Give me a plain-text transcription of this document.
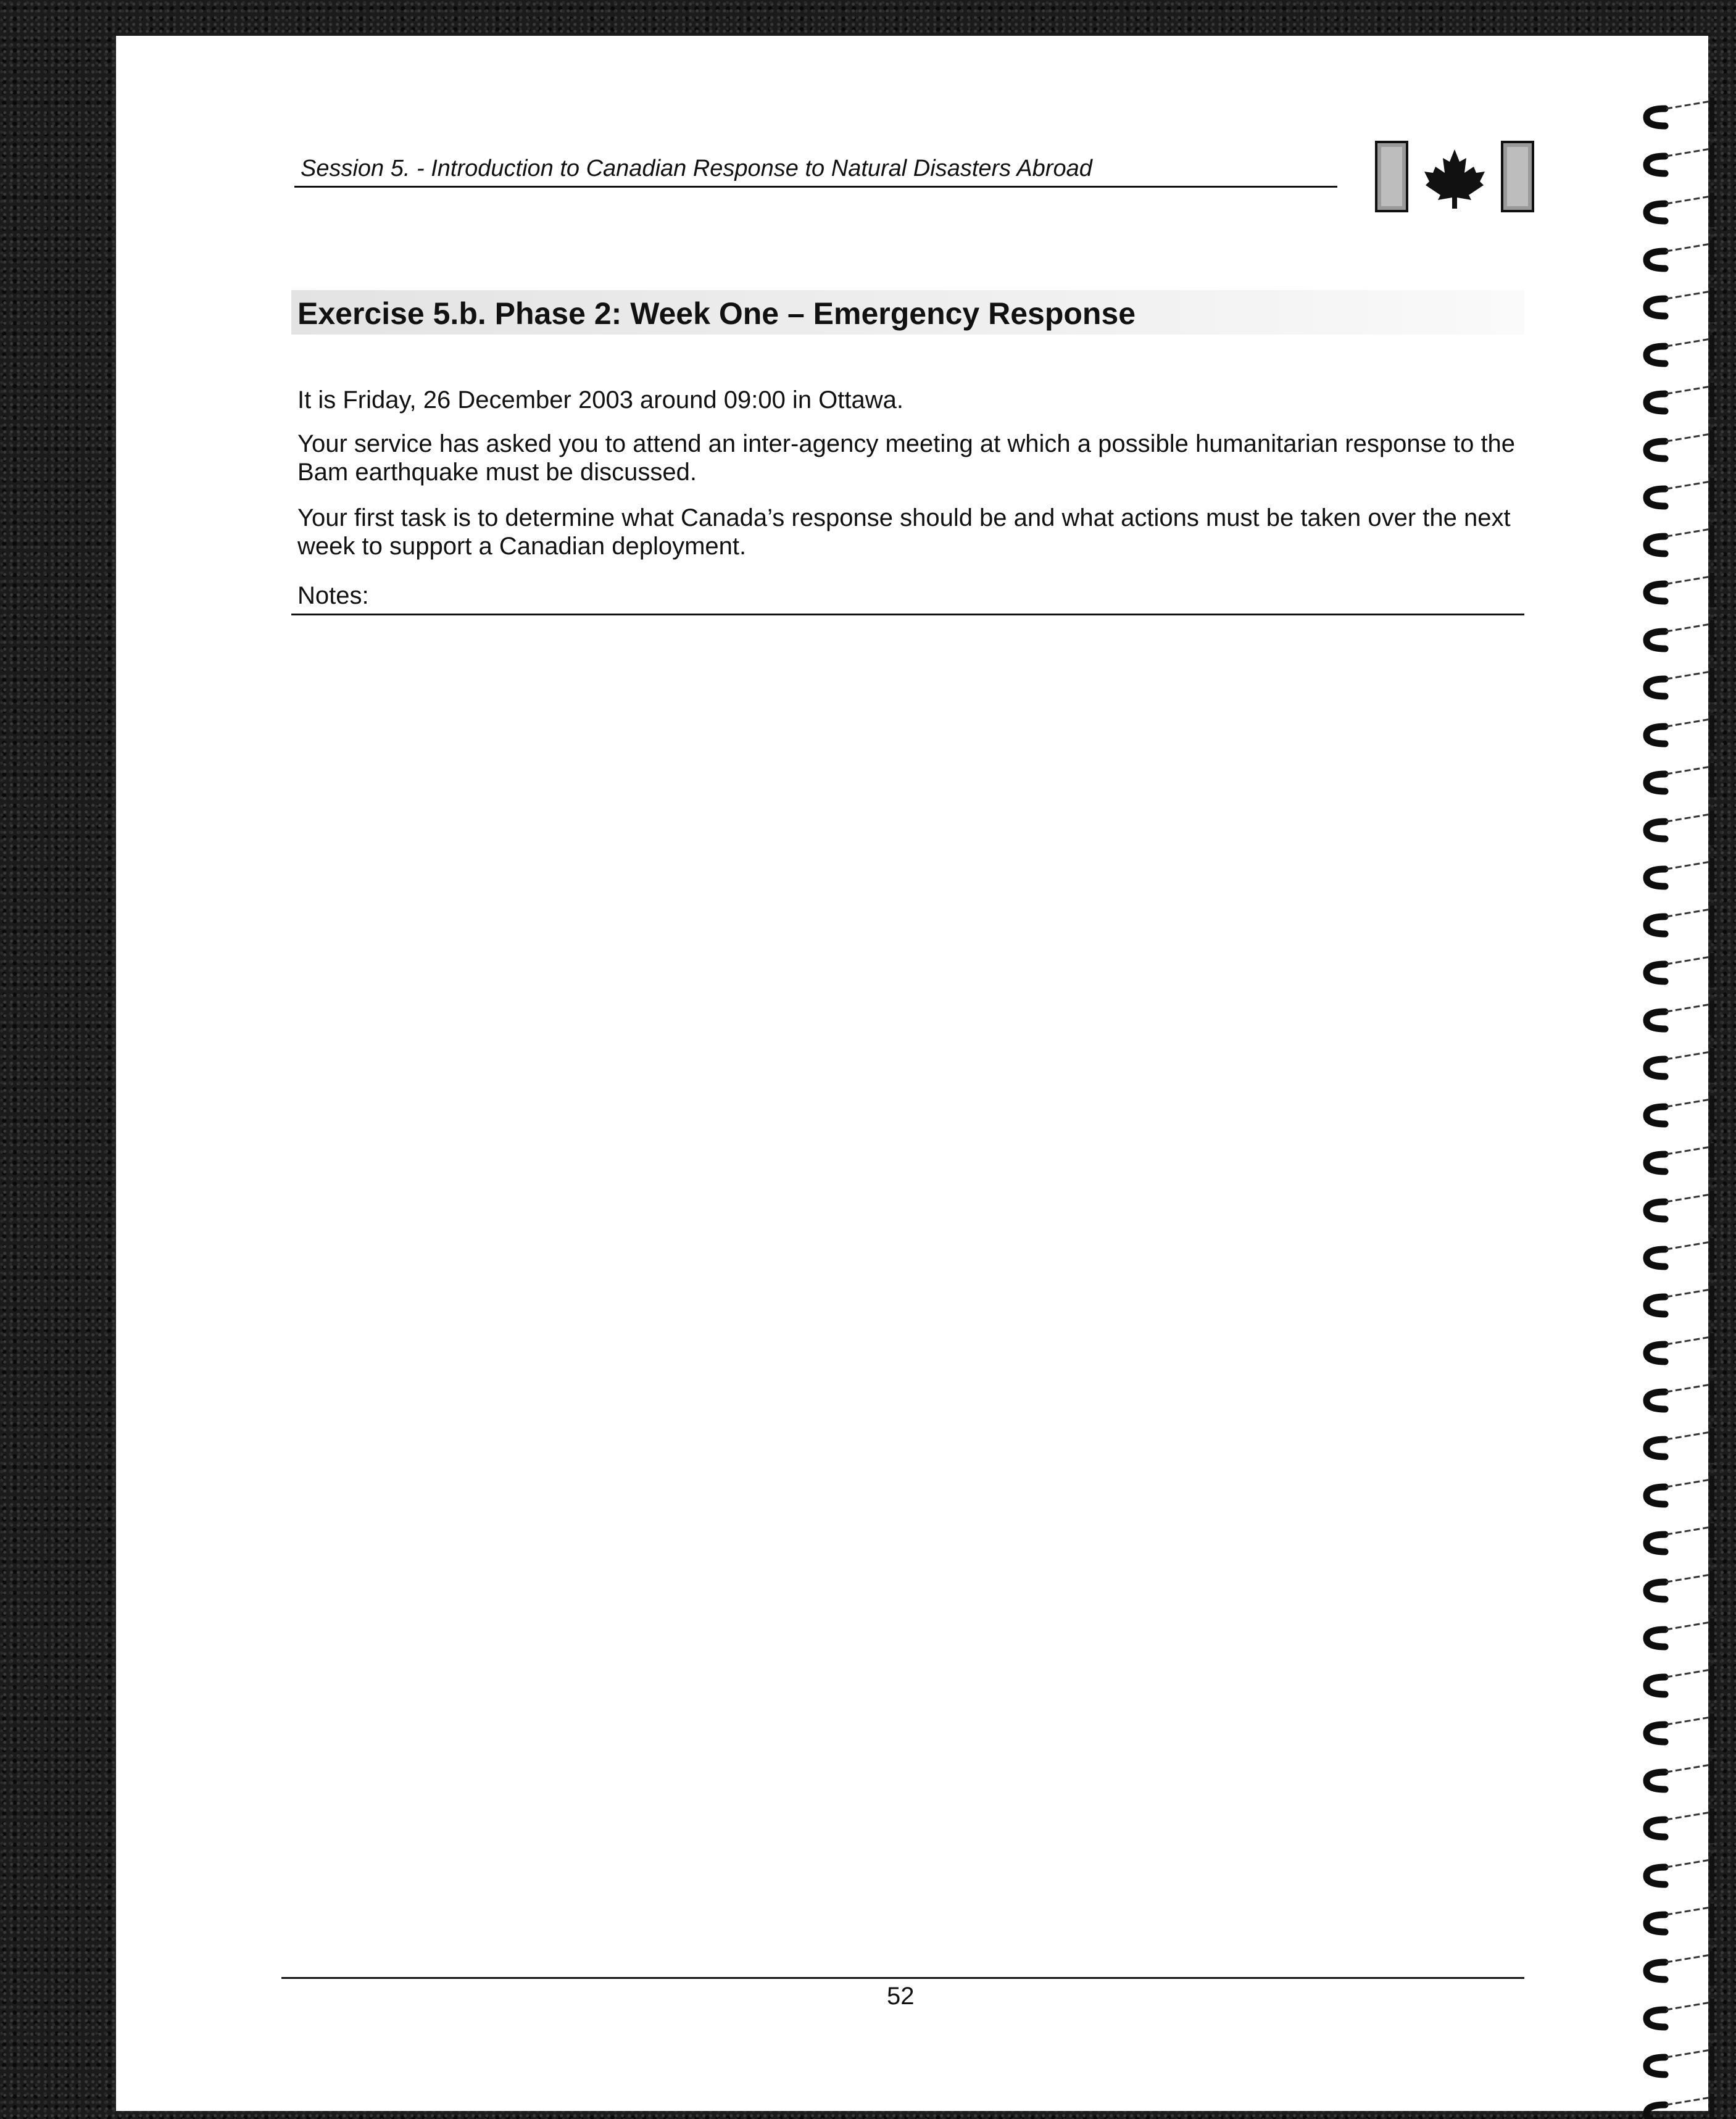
Session 5. - Introduction to Canadian Response to Natural Disasters Abroad
Exercise 5.b. Phase 2: Week One – Emergency Response
It is Friday, 26 December 2003 around 09:00 in Ottawa.
Your service has asked you to attend an inter-agency meeting at which a possible humanitarian response to the Bam earthquake must be discussed.
Your first task is to determine what Canada’s response should be and what actions must be taken over the next week to support a Canadian deployment.
Notes:
52
